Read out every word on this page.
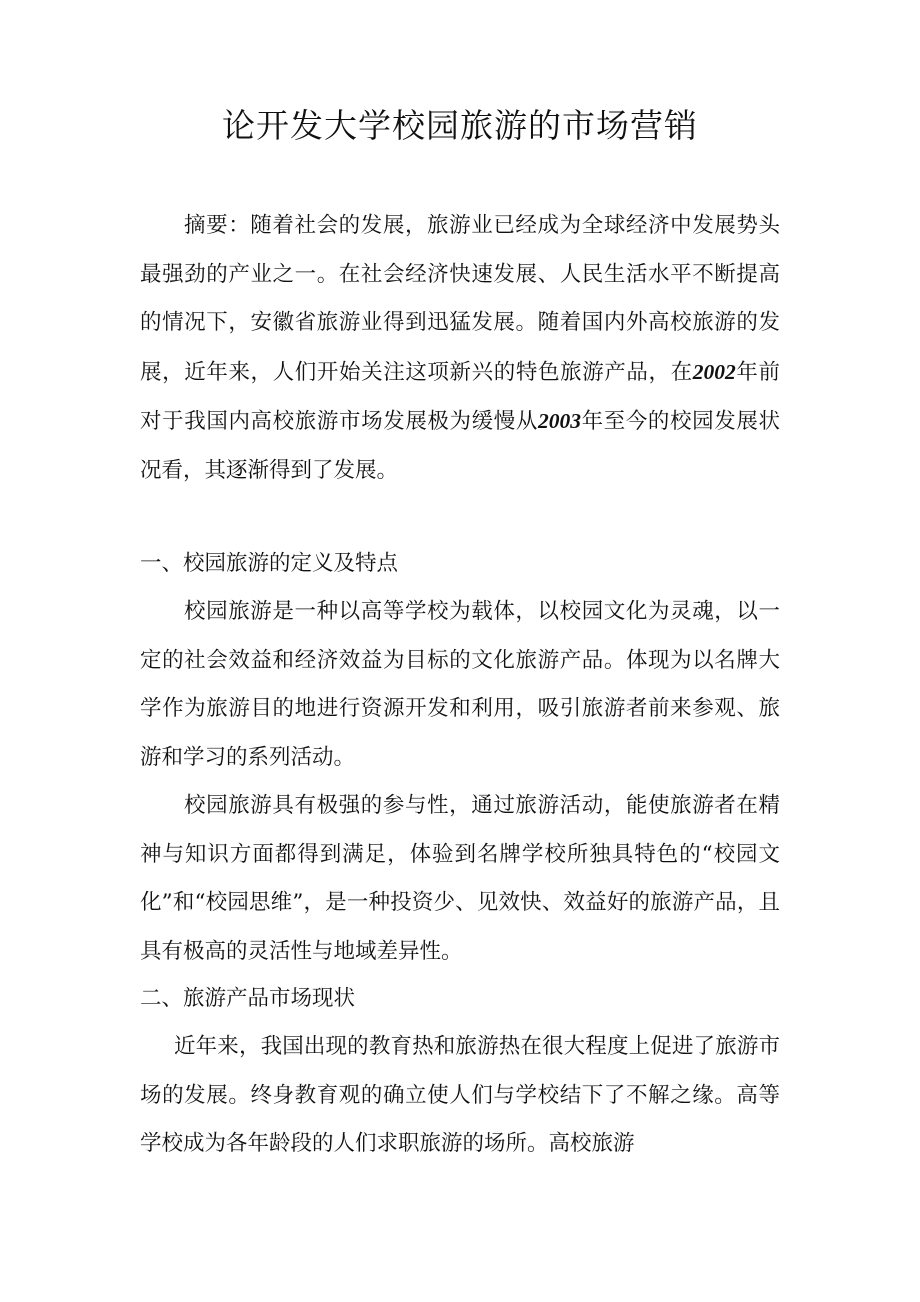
论开发大学校园旅游的市场营销

摘要：随着社会的发展，旅游业已经成为全球经济中发展势头最强劲的产业之一。在社会经济快速发展、人民生活水平不断提高的情况下，安徽省旅游业得到迅猛发展。随着国内外高校旅游的发展，近年来，人们开始关注这项新兴的特色旅游产品，在2002年前对于我国内高校旅游市场发展极为缓慢从2003年至今的校园发展状况看，其逐渐得到了发展。

一、校园旅游的定义及特点

校园旅游是一种以高等学校为载体，以校园文化为灵魂，以一定的社会效益和经济效益为目标的文化旅游产品。体现为以名牌大学作为旅游目的地进行资源开发和利用，吸引旅游者前来参观、旅游和学习的系列活动。

校园旅游具有极强的参与性，通过旅游活动，能使旅游者在精神与知识方面都得到满足，体验到名牌学校所独具特色的“校园文化”和“校园思维”，是一种投资少、见效快、效益好的旅游产品，且具有极高的灵活性与地域差异性。

二、旅游产品市场现状

近年来，我国出现的教育热和旅游热在很大程度上促进了旅游市场的发展。终身教育观的确立使人们与学校结下了不解之缘。高等学校成为各年龄段的人们求职旅游的场所。高校旅游
